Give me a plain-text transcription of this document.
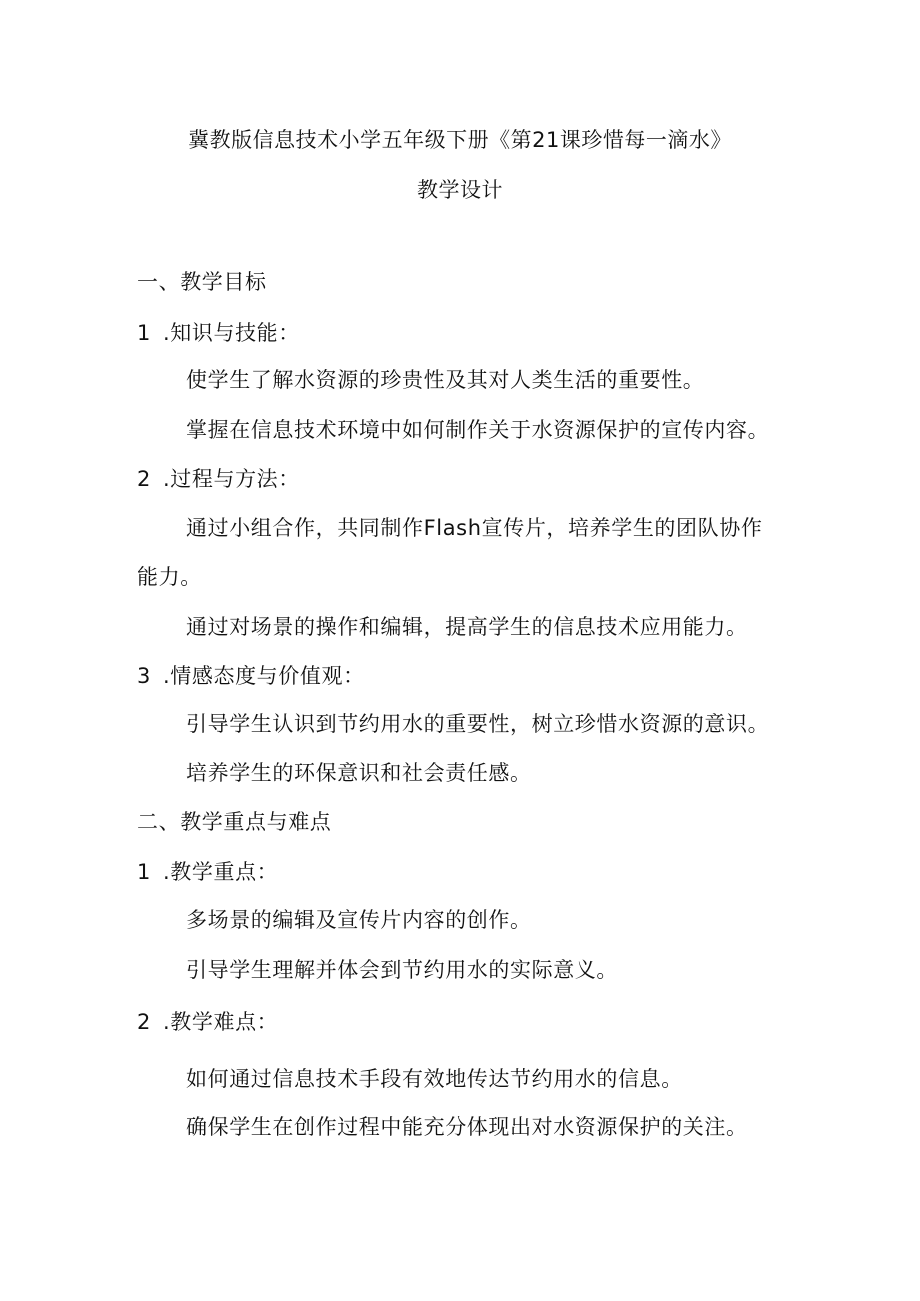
冀教版信息技术小学五年级下册《第21课珍惜每一滴水》
教学设计
一、教学目标
1 .知识与技能：
使学生了解水资源的珍贵性及其对人类生活的重要性。
掌握在信息技术环境中如何制作关于水资源保护的宣传内容。
2 .过程与方法：
通过小组合作，共同制作Flash宣传片，培养学生的团队协作
能力。
通过对场景的操作和编辑，提高学生的信息技术应用能力。
3 .情感态度与价值观：
引导学生认识到节约用水的重要性，树立珍惜水资源的意识。
培养学生的环保意识和社会责任感。
二、教学重点与难点
1 .教学重点：
多场景的编辑及宣传片内容的创作。
引导学生理解并体会到节约用水的实际意义。
2 .教学难点：
如何通过信息技术手段有效地传达节约用水的信息。
确保学生在创作过程中能充分体现出对水资源保护的关注。
